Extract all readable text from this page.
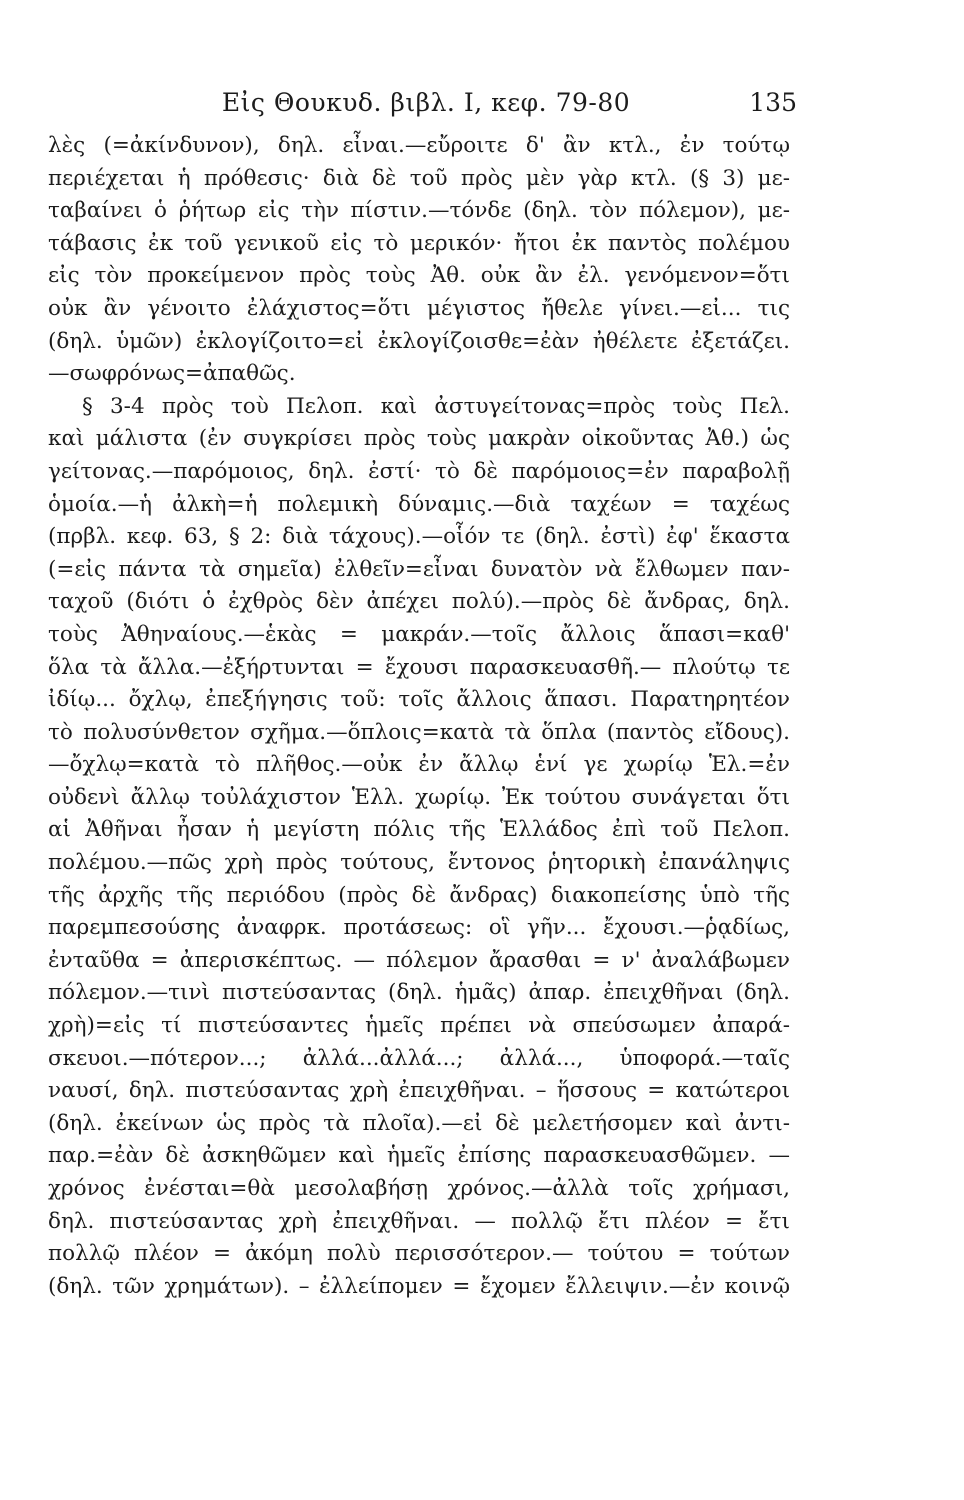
Εἰς Θουκυδ. βιβλ. I, κεφ. 79-80	135
λὲς (=ἀκίνδυνον), δηλ. εἶναι.—εὔροιτε δ' ἂν κτλ., ἐν τούτῳ
περιέχεται ἡ πρόθεσις· διὰ δὲ τοῦ πρὸς μὲν γὰρ κτλ. (§ 3) με-
ταβαίνει ὁ ῥήτωρ εἰς τὴν πίστιν.—τόνδε (δηλ. τὸν πόλεμον), με-
τάβασις ἐκ τοῦ γενικοῦ εἰς τὸ μερικόν· ἤτοι ἐκ παντὸς πολέμου
εἰς τὸν προκείμενον πρὸς τοὺς Ἀθ. οὐκ ἂν ἐλ. γενόμενον=ὅτι
οὐκ ἂν γένοιτο ἐλάχιστος=ὅτι μέγιστος ἤθελε γίνει.—εἰ... τις
(δηλ. ὑμῶν) ἐκλογίζοιτο=εἰ ἐκλογίζοισθε=ἐὰν ἠθέλετε ἐξετάζει.
—σωφρόνως=ἀπαθῶς.
§ 3-4 πρὸς τοὺ Πελοπ. καὶ ἀστυγείτονας=πρὸς τοὺς Πελ.
καὶ μάλιστα (ἐν συγκρίσει πρὸς τοὺς μακρὰν οἰκοῦντας Ἀθ.) ὡς
γείτονας.—παρόμοιος, δηλ. ἐστί· τὸ δὲ παρόμοιος=ἐν παραβολῇ
ὁμοία.—ἡ ἀλκὴ=ἡ πολεμικὴ δύναμις.—διὰ ταχέων = ταχέως
(πρβλ. κεφ. 63, § 2: διὰ τάχους).—οἷόν τε (δηλ. ἐστὶ) ἐφ' ἕκαστα
(=εἰς πάντα τὰ σημεῖα) ἐλθεῖν=εἶναι δυνατὸν νὰ ἔλθωμεν παν-
ταχοῦ (διότι ὁ ἐχθρὸς δὲν ἀπέχει πολύ).—πρὸς δὲ ἄνδρας, δηλ.
τοὺς Ἀθηναίους.—ἑκὰς = μακράν.—τοῖς ἄλλοις ἅπασι=καθ'
ὅλα τὰ ἄλλα.—ἐξήρτυνται = ἔχουσι παρασκευασθῆ.— πλούτῳ τε
ἰδίῳ... ὄχλῳ, ἐπεξήγησις τοῦ: τοῖς ἄλλοις ἅπασι. Παρατηρητέον
τὸ πολυσύνθετον σχῆμα.—ὅπλοις=κατὰ τὰ ὅπλα (παντὸς εἴδους).
—ὄχλῳ=κατὰ τὸ πλῆθος.—οὐκ ἐν ἄλλῳ ἑνί γε χωρίῳ Ἑλ.=ἐν
οὐδενὶ ἄλλῳ τοὐλάχιστον Ἑλλ. χωρίῳ. Ἐκ τούτου συνάγεται ὅτι
αἱ Ἀθῆναι ἦσαν ἡ μεγίστη πόλις τῆς Ἑλλάδος ἐπὶ τοῦ Πελοπ.
πολέμου.—πῶς χρὴ πρὸς τούτους, ἔντονος ῥητορικὴ ἐπανάληψις
τῆς ἀρχῆς τῆς περιόδου (πρὸς δὲ ἄνδρας) διακοπείσης ὑπὸ τῆς
παρεμπεσούσης ἀναφρκ. προτάσεως: οἳ γῆν... ἔχουσι.—ῥᾳδίως,
ἐνταῦθα = ἀπερισκέπτως. — πόλεμον ἄρασθαι = ν' ἀναλάβωμεν
πόλεμον.—τινὶ πιστεύσαντας (δηλ. ἡμᾶς) ἀπαρ. ἐπειχθῆναι (δηλ.
χρὴ)=εἰς τί πιστεύσαντες ἡμεῖς πρέπει νὰ σπεύσωμεν ἀπαρά-
σκευοι.—πότερον...; ἀλλά...ἀλλά...; ἀλλά..., ὑποφορά.—ταῖς
ναυσί, δηλ. πιστεύσαντας χρὴ ἐπειχθῆναι. – ἥσσους = κατώτεροι
(δηλ. ἐκείνων ὡς πρὸς τὰ πλοῖα).—εἰ δὲ μελετήσομεν καὶ ἀντι-
παρ.=ἐὰν δὲ ἀσκηθῶμεν καὶ ἡμεῖς ἐπίσης παρασκευασθῶμεν. —
χρόνος ἐνέσται=θὰ μεσολαβήσῃ χρόνος.—ἀλλὰ τοῖς χρήμασι,
δηλ. πιστεύσαντας χρὴ ἐπειχθῆναι. — πολλῷ ἔτι πλέον = ἔτι
πολλῷ πλέον = ἀκόμη πολὺ περισσότερον.— τούτου = τούτων
(δηλ. τῶν χρημάτων). – ἐλλείπομεν = ἔχομεν ἔλλειψιν.—ἐν κοινῷ
